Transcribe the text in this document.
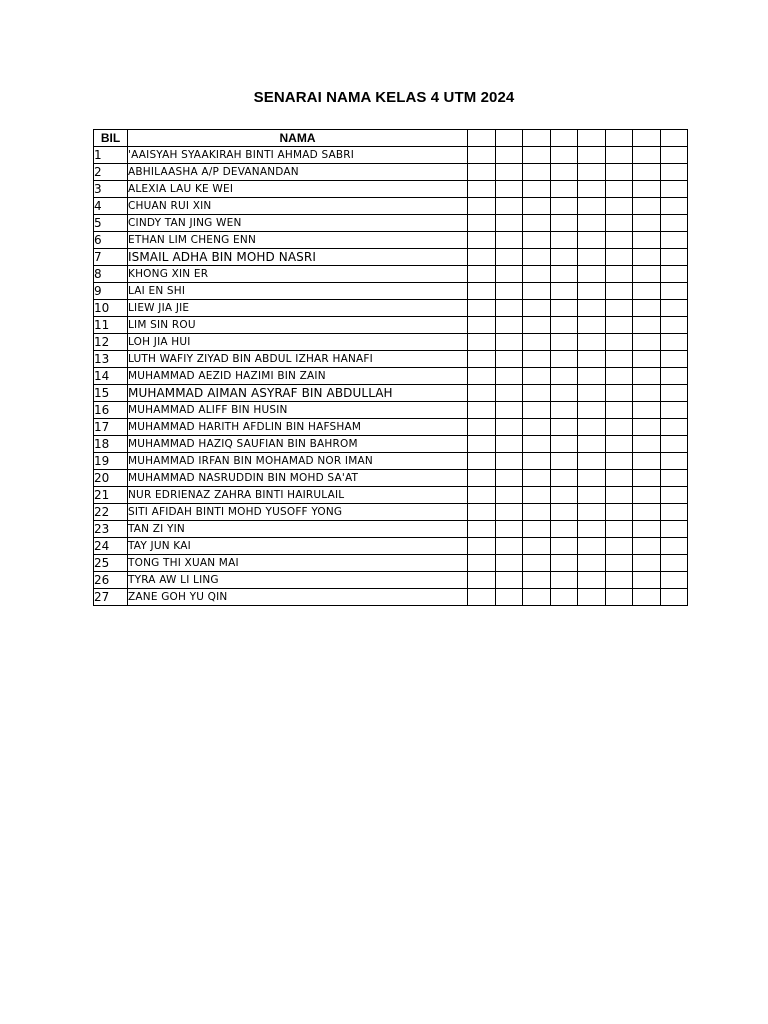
SENARAI NAMA KELAS 4 UTM 2024
BIL	NAMA								
1	'AAISYAH SYAAKIRAH BINTI AHMAD SABRI								
2	ABHILAASHA A/P DEVANANDAN								
3	ALEXIA LAU KE WEI								
4	CHUAN RUI XIN								
5	CINDY TAN JING WEN								
6	ETHAN LIM CHENG ENN								
7	ISMAIL ADHA BIN MOHD NASRI								
8	KHONG XIN ER								
9	LAI EN SHI								
10	LIEW JIA JIE								
11	LIM SIN ROU								
12	LOH JIA HUI								
13	LUTH WAFIY ZIYAD BIN ABDUL IZHAR HANAFI								
14	MUHAMMAD AEZID HAZIMI BIN ZAIN								
15	MUHAMMAD AIMAN ASYRAF BIN ABDULLAH								
16	MUHAMMAD ALIFF BIN HUSIN								
17	MUHAMMAD HARITH AFDLIN BIN HAFSHAM								
18	MUHAMMAD HAZIQ SAUFIAN BIN BAHROM								
19	MUHAMMAD IRFAN BIN MOHAMAD NOR IMAN								
20	MUHAMMAD NASRUDDIN BIN MOHD SA'AT								
21	NUR EDRIENAZ ZAHRA BINTI HAIRULAIL								
22	SITI AFIDAH BINTI MOHD YUSOFF YONG								
23	TAN ZI YIN								
24	TAY JUN KAI								
25	TONG THI XUAN MAI								
26	TYRA AW LI LING								
27	ZANE GOH YU QIN								
